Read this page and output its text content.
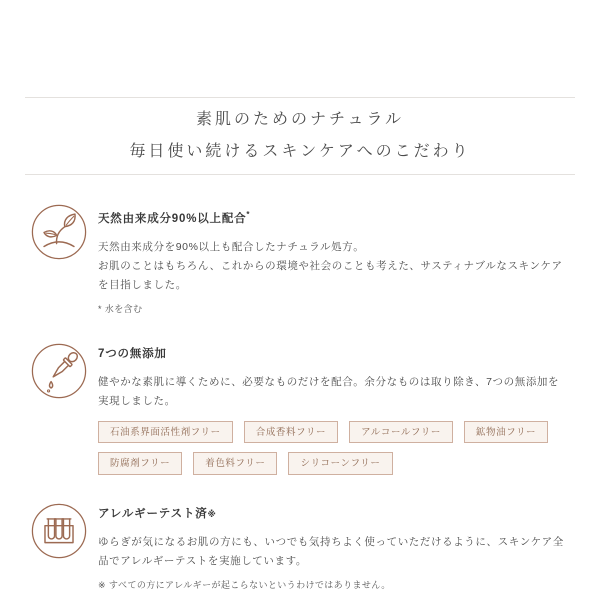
素肌のためのナチュラル
毎日使い続けるスキンケアへのこだわり
天然由来成分90%以上配合*

天然由来成分を90%以上も配合したナチュラル処方。
お肌のことはもちろん、これからの環境や社会のことも考えた、サスティナブルなスキンケアを目指しました。

* 水を含む

7つの無添加

健やかな素肌に導くために、必要なものだけを配合。余分なものは取り除き、7つの無添加を実現しました。

石油系界面活性剤フリー	合成香料フリー	アルコールフリー	鉱物油フリー
防腐剤フリー	着色料フリー	シリコーンフリー
アレルギーテスト済※

ゆらぎが気になるお肌の方にも、いつでも気持ちよく使っていただけるように、スキンケア全品でアレルギーテストを実施しています。

※ すべての方にアレルギーが起こらないというわけではありません。
